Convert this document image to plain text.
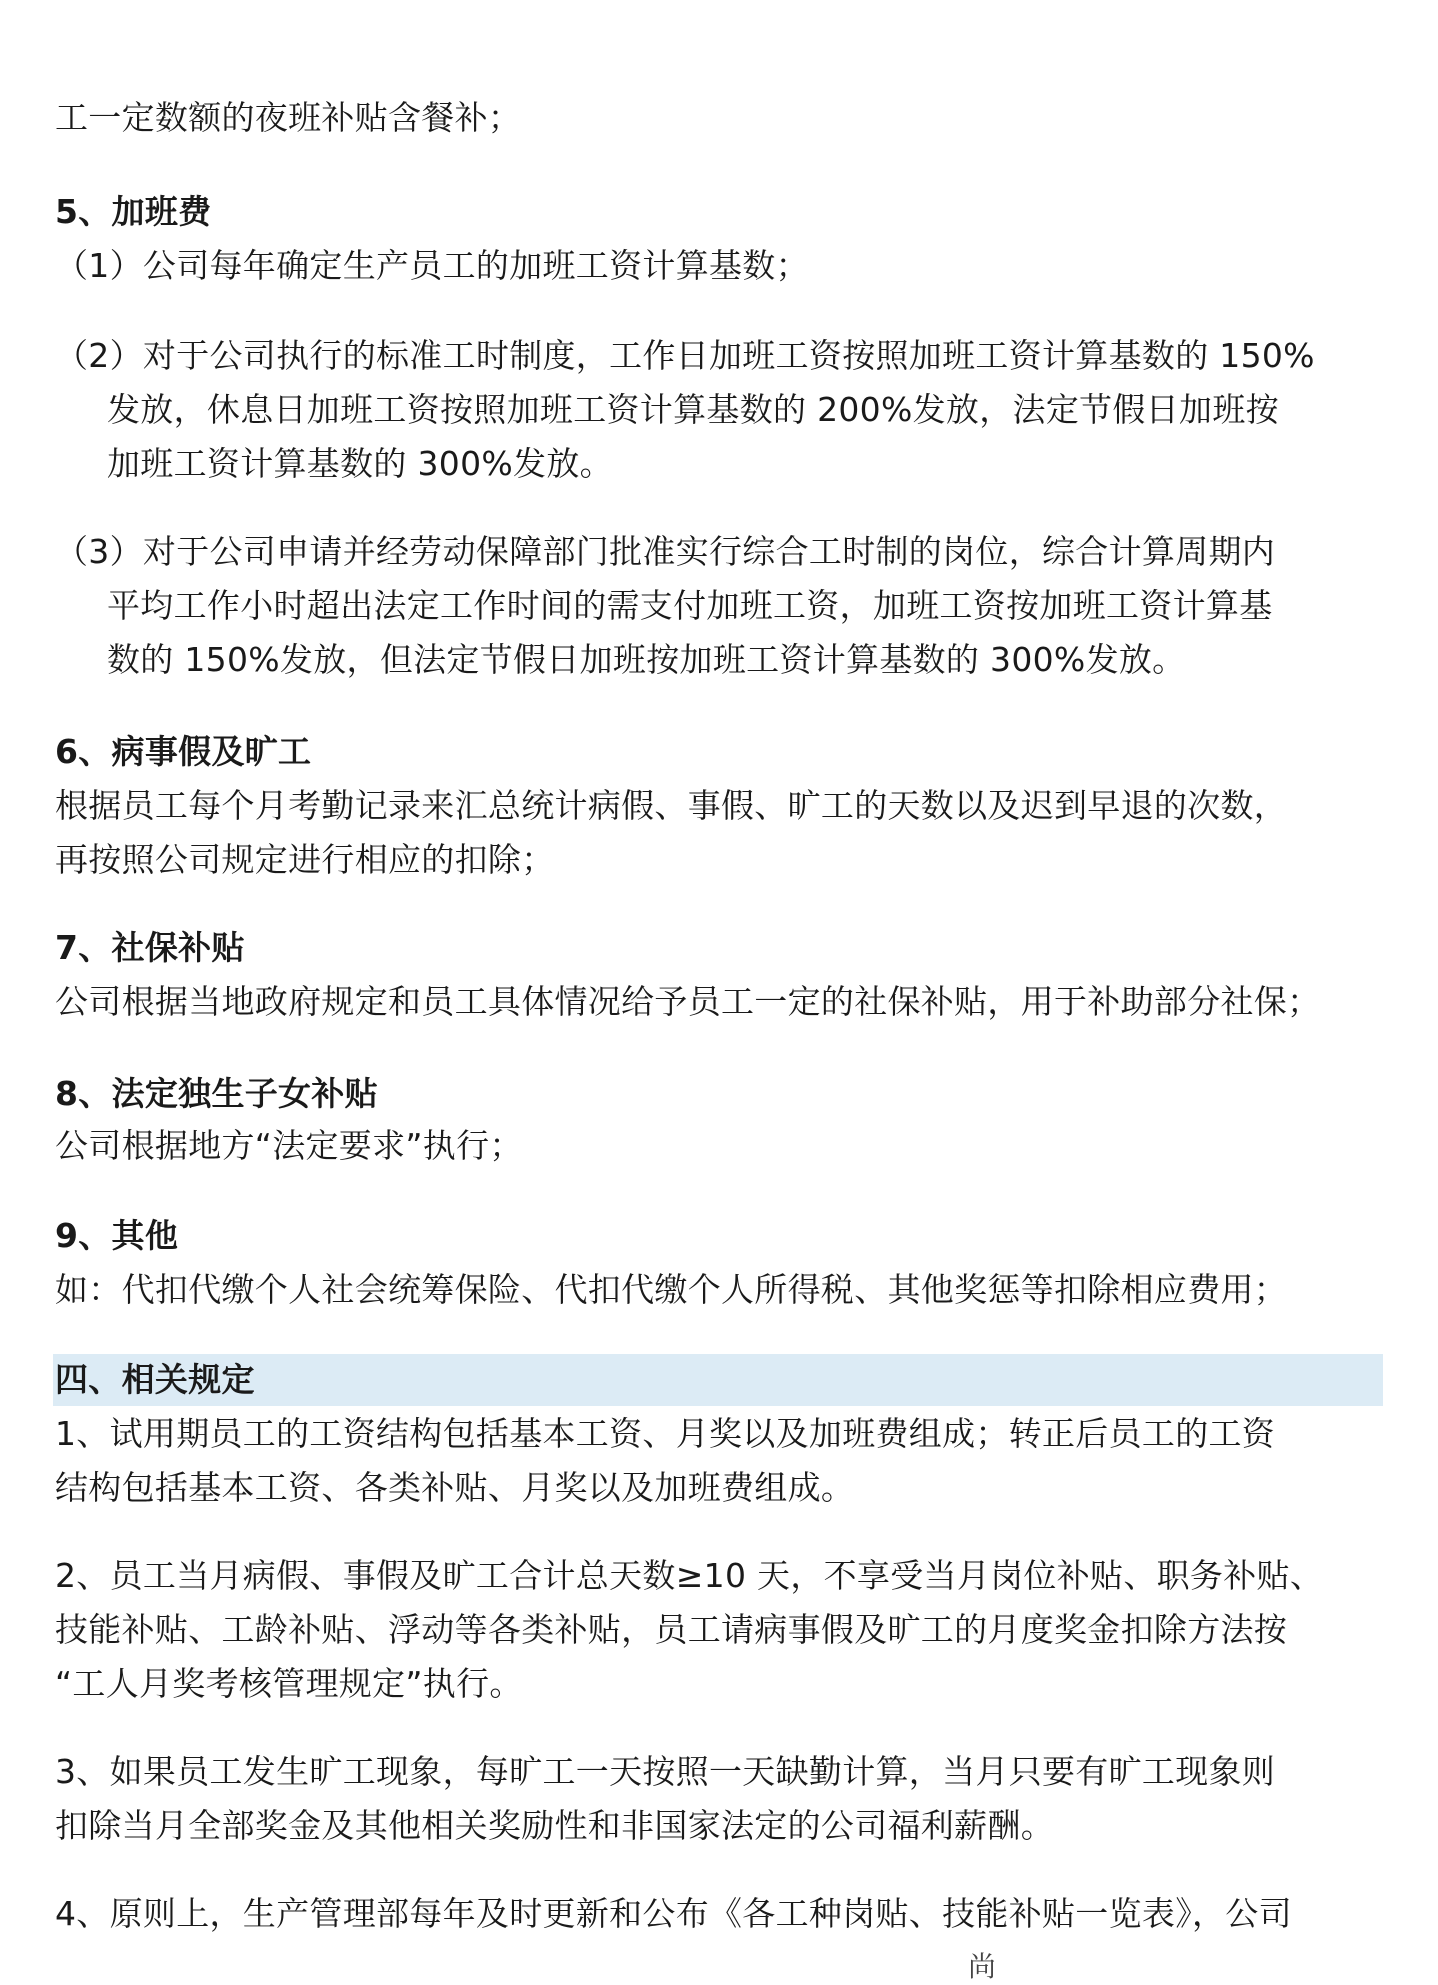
工一定数额的夜班补贴含餐补；
5、加班费
（1）公司每年确定生产员工的加班工资计算基数；
（2）对于公司执行的标准工时制度，工作日加班工资按照加班工资计算基数的 150%
发放，休息日加班工资按照加班工资计算基数的 200%发放，法定节假日加班按
加班工资计算基数的 300%发放。
（3）对于公司申请并经劳动保障部门批准实行综合工时制的岗位，综合计算周期内
平均工作小时超出法定工作时间的需支付加班工资，加班工资按加班工资计算基
数的 150%发放，但法定节假日加班按加班工资计算基数的 300%发放。
6、病事假及旷工
根据员工每个月考勤记录来汇总统计病假、事假、旷工的天数以及迟到早退的次数，
再按照公司规定进行相应的扣除；
7、社保补贴
公司根据当地政府规定和员工具体情况给予员工一定的社保补贴，用于补助部分社保；
8、法定独生子女补贴
公司根据地方“法定要求”执行；
9、其他
如：代扣代缴个人社会统筹保险、代扣代缴个人所得税、其他奖惩等扣除相应费用；
四、相关规定
1、试用期员工的工资结构包括基本工资、月奖以及加班费组成；转正后员工的工资
结构包括基本工资、各类补贴、月奖以及加班费组成。
2、员工当月病假、事假及旷工合计总天数≥10 天，不享受当月岗位补贴、职务补贴、
技能补贴、工龄补贴、浮动等各类补贴，员工请病事假及旷工的月度奖金扣除方法按
“工人月奖考核管理规定”执行。
3、如果员工发生旷工现象，每旷工一天按照一天缺勤计算，当月只要有旷工现象则
扣除当月全部奖金及其他相关奖励性和非国家法定的公司福利薪酬。
4、原则上，生产管理部每年及时更新和公布《各工种岗贴、技能补贴一览表》，公司
尚
